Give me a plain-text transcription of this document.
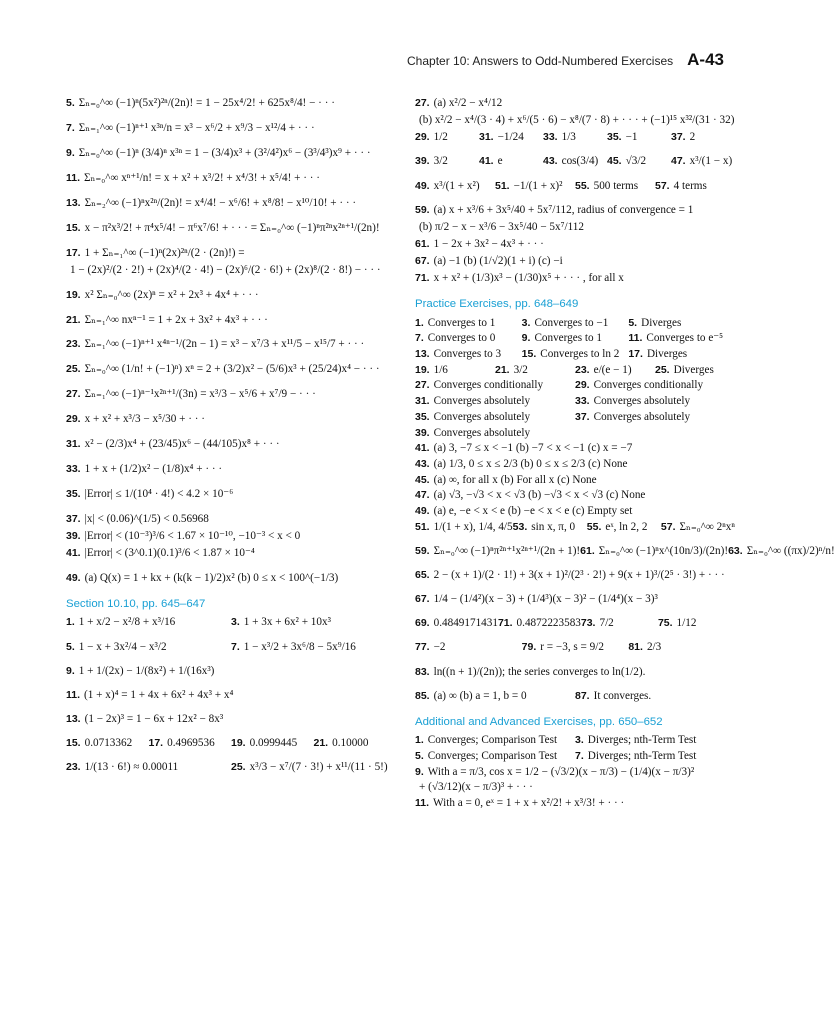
Chapter 10: Answers to Odd-Numbered Exercises A-43
5. Σₙ₌₀^∞ (−1)ⁿ(5x²)²ⁿ/(2n)! = 1 − 25x⁴/2! + 625x⁸/4! − · · ·
7. Σₙ₌₁^∞ (−1)ⁿ⁺¹ x³ⁿ/n = x³ − x⁶/2 + x⁹/3 − x¹²/4 + · · ·
9. Σₙ₌₀^∞ (−1)ⁿ (3/4)ⁿ x³ⁿ = 1 − (3/4)x³ + (3²/4²)x⁶ − (3³/4³)x⁹ + · · ·
11. Σₙ₌₀^∞ xⁿ⁺¹/n! = x + x² + x³/2! + x⁴/3! + x⁵/4! + · · ·
13. Σₙ₌₂^∞ (−1)ⁿx²ⁿ/(2n)! = x⁴/4! − x⁶/6! + x⁸/8! − x¹⁰/10! + · · ·
15. x − π²x³/2! + π⁴x⁵/4! − π⁶x⁷/6! + · · · = Σₙ₌₀^∞ (−1)ⁿπ²ⁿx²ⁿ⁺¹/(2n)!
17. 1 + Σₙ₌₁^∞ (−1)ⁿ(2x)²ⁿ/(2 · (2n)!) =
1 − (2x)²/(2 · 2!) + (2x)⁴/(2 · 4!) − (2x)⁶/(2 · 6!) + (2x)⁸/(2 · 8!) − · · ·
19. x² Σₙ₌₀^∞ (2x)ⁿ = x² + 2x³ + 4x⁴ + · · ·
21. Σₙ₌₁^∞ nxⁿ⁻¹ = 1 + 2x + 3x² + 4x³ + · · ·
23. Σₙ₌₁^∞ (−1)ⁿ⁺¹ x⁴ⁿ⁻¹/(2n − 1) = x³ − x⁷/3 + x¹¹/5 − x¹⁵/7 + · · ·
25. Σₙ₌₀^∞ (1/n! + (−1)ⁿ) xⁿ = 2 + (3/2)x² − (5/6)x³ + (25/24)x⁴ − · · ·
27. Σₙ₌₁^∞ (−1)ⁿ⁻¹x²ⁿ⁺¹/(3n) = x³/3 − x⁵/6 + x⁷/9 − · · ·
29. x + x² + x³/3 − x⁵/30 + · · ·
31. x² − (2/3)x⁴ + (23/45)x⁶ − (44/105)x⁸ + · · ·
33. 1 + x + (1/2)x² − (1/8)x⁴ + · · ·
35. |Error| ≤ 1/(10⁴ · 4!) < 4.2 × 10⁻⁶
37. |x| < (0.06)^(1/5) < 0.56968
39. |Error| < (10⁻³)³/6 < 1.67 × 10⁻¹⁰, −10⁻³ < x < 0
41. |Error| < (3^0.1)(0.1)³/6 < 1.87 × 10⁻⁴
49. (a) Q(x) = 1 + kx + (k(k − 1)/2)x² (b) 0 ≤ x < 100^(−1/3)
Section 10.10, pp. 645–647
1. 1 + x/2 − x²/8 + x³/16	3. 1 + 3x + 6x² + 10x³
5. 1 − x + 3x²/4 − x³/2	7. 1 − x³/2 + 3x⁶/8 − 5x⁹/16
9. 1 + 1/(2x) − 1/(8x²) + 1/(16x³)
11. (1 + x)⁴ = 1 + 4x + 6x² + 4x³ + x⁴
13. (1 − 2x)³ = 1 − 6x + 12x² − 8x³
15. 0.0713362	17. 0.4969536	19. 0.0999445	21. 0.10000
23. 1/(13 · 6!) ≈ 0.00011	25. x³/3 − x⁷/(7 · 3!) + x¹¹/(11 · 5!)
27. (a) x²/2 − x⁴/12
(b) x²/2 − x⁴/(3 · 4) + x⁶/(5 · 6) − x⁸/(7 · 8) + · · · + (−1)¹⁵ x³²/(31 · 32)
29. 1/2	31. −1/24	33. 1/3	35. −1	37. 2
39. 3/2	41. e	43. cos(3/4) 45. √3/2	47. x³/(1 − x)
49. x³/(1 + x²)	51. −1/(1 + x)²	55. 500 terms	57. 4 terms
59. (a) x + x³/6 + 3x⁵/40 + 5x⁷/112, radius of convergence = 1
(b) π/2 − x − x³/6 − 3x⁵/40 − 5x⁷/112
61. 1 − 2x + 3x² − 4x³ + · · ·
67. (a) −1 (b) (1/√2)(1 + i) (c) −i
71. x + x² + (1/3)x³ − (1/30)x⁵ + · · · , for all x
Practice Exercises, pp. 648–649
1. Converges to 1	3. Converges to −1	5. Diverges
7. Converges to 0	9. Converges to 1	11. Converges to e⁻⁵
13. Converges to 3	15. Converges to ln 2 17. Diverges
19. 1/6	21. 3/2	23. e/(e − 1)	25. Diverges
27. Converges conditionally	29. Converges conditionally
31. Converges absolutely	33. Converges absolutely
35. Converges absolutely	37. Converges absolutely
39. Converges absolutely
41. (a) 3, −7 ≤ x < −1 (b) −7 < x < −1 (c) x = −7
43. (a) 1/3, 0 ≤ x ≤ 2/3 (b) 0 ≤ x ≤ 2/3 (c) None
45. (a) ∞, for all x (b) For all x (c) None
47. (a) √3, −√3 < x < √3 (b) −√3 < x < √3 (c) None
49. (a) e, −e < x < e (b) −e < x < e (c) Empty set
51. 1/(1 + x), 1/4, 4/5 53. sin x, π, 0	55. eˣ, ln 2, 2	57. Σₙ₌₀^∞ 2ⁿxⁿ
59. Σₙ₌₀^∞ (−1)ⁿπ²ⁿ⁺¹x²ⁿ⁺¹/(2n + 1)! 61. Σₙ₌₀^∞ (−1)ⁿx^(10n/3)/(2n)! 63. Σₙ₌₀^∞ ((πx)/2)ⁿ/n!
65. 2 − (x + 1)/(2 · 1!) + 3(x + 1)²/(2³ · 2!) + 9(x + 1)³/(2⁵ · 3!) + · · ·
67. 1/4 − (1/4²)(x − 3) + (1/4³)(x − 3)² − (1/4⁴)(x − 3)³
69. 0.4849171431 71. 0.4872223583 73. 7/2	75. 1/12
77. −2	79. r = −3, s = 9/2	81. 2/3
83. ln((n + 1)/(2n)); the series converges to ln(1/2).
85. (a) ∞ (b) a = 1, b = 0	87. It converges.
Additional and Advanced Exercises, pp. 650–652
1. Converges; Comparison Test	3. Diverges; nth-Term Test
5. Converges; Comparison Test	7. Diverges; nth-Term Test
9. With a = π/3, cos x = 1/2 − (√3/2)(x − π/3) − (1/4)(x − π/3)²
+ (√3/12)(x − π/3)³ + · · ·
11. With a = 0, eˣ = 1 + x + x²/2! + x³/3! + · · ·
